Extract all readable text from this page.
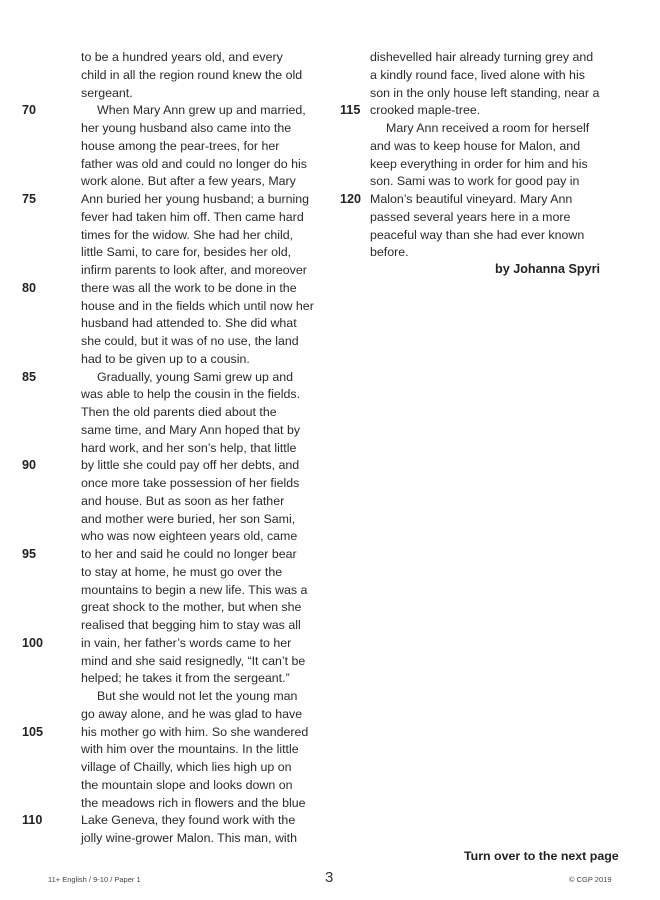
to be a hundred years old, and every
child in all the region round knew the old
sergeant.
70	When Mary Ann grew up and married,
her young husband also came into the
house among the pear-trees, for her
father was old and could no longer do his
work alone. But after a few years, Mary
75	Ann buried her young husband; a burning
fever had taken him off. Then came hard
times for the widow. She had her child,
little Sami, to care for, besides her old,
infirm parents to look after, and moreover
80	there was all the work to be done in the
house and in the fields which until now her
husband had attended to. She did what
she could, but it was of no use, the land
had to be given up to a cousin.
85	Gradually, young Sami grew up and
was able to help the cousin in the fields.
Then the old parents died about the
same time, and Mary Ann hoped that by
hard work, and her son’s help, that little
90	by little she could pay off her debts, and
once more take possession of her fields
and house. But as soon as her father
and mother were buried, her son Sami,
who was now eighteen years old, came
95	to her and said he could no longer bear
to stay at home, he must go over the
mountains to begin a new life. This was a
great shock to the mother, but when she
realised that begging him to stay was all
100	in vain, her father’s words came to her
mind and she said resignedly, “It can’t be
helped; he takes it from the sergeant.”
But she would not let the young man
go away alone, and he was glad to have
105	his mother go with him. So she wandered
with him over the mountains. In the little
village of Chailly, which lies high up on
the mountain slope and looks down on
the meadows rich in flowers and the blue
110	Lake Geneva, they found work with the
jolly wine-grower Malon. This man, with
dishevelled hair already turning grey and
a kindly round face, lived alone with his
son in the only house left standing, near a
115 crooked maple-tree.
Mary Ann received a room for herself
and was to keep house for Malon, and
keep everything in order for him and his
son. Sami was to work for good pay in
120 Malon’s beautiful vineyard. Mary Ann
passed several years here in a more
peaceful way than she had ever known
before.
by Johanna Spyri
Turn over to the next page
11+ English / 9-10 / Paper 1	3	© CGP 2019
